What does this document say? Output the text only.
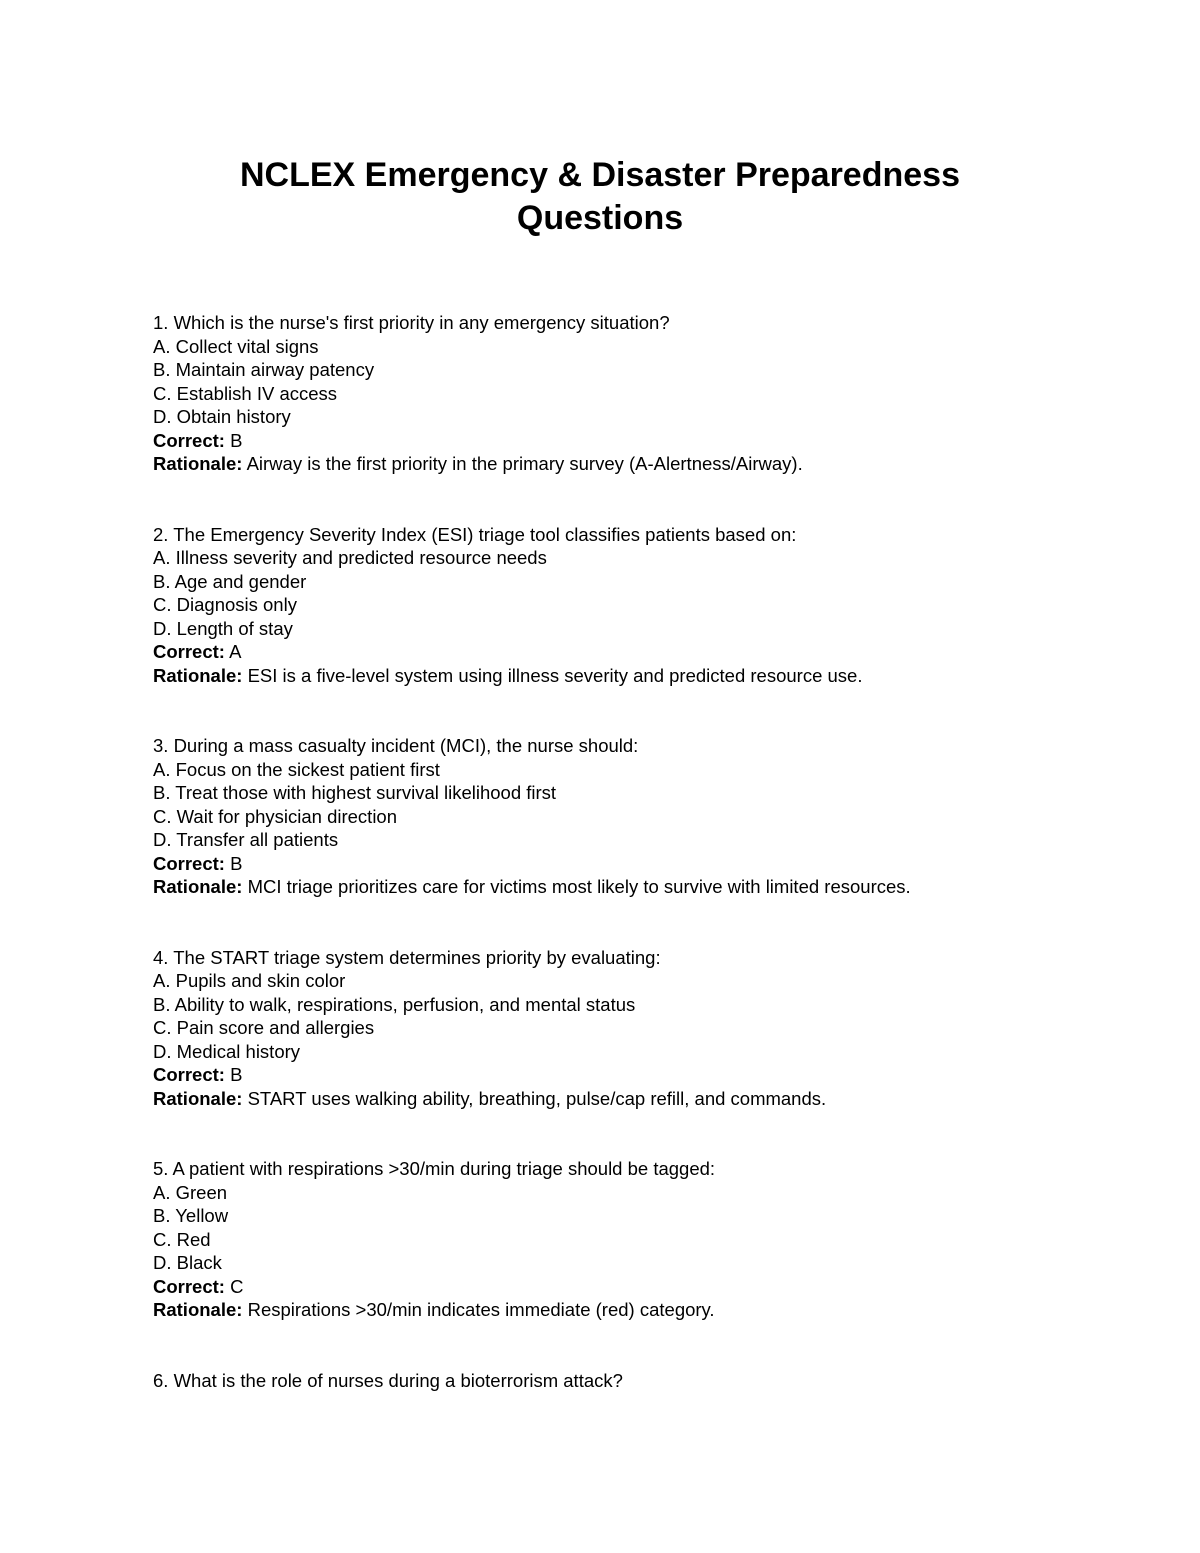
NCLEX Emergency & Disaster Preparedness
Questions
1. Which is the nurse's first priority in any emergency situation?
A. Collect vital signs
B. Maintain airway patency
C. Establish IV access
D. Obtain history
Correct: B
Rationale: Airway is the first priority in the primary survey (A-Alertness/Airway).
2. The Emergency Severity Index (ESI) triage tool classifies patients based on:
A. Illness severity and predicted resource needs
B. Age and gender
C. Diagnosis only
D. Length of stay
Correct: A
Rationale: ESI is a five-level system using illness severity and predicted resource use.
3. During a mass casualty incident (MCI), the nurse should:
A. Focus on the sickest patient first
B. Treat those with highest survival likelihood first
C. Wait for physician direction
D. Transfer all patients
Correct: B
Rationale: MCI triage prioritizes care for victims most likely to survive with limited resources.
4. The START triage system determines priority by evaluating:
A. Pupils and skin color
B. Ability to walk, respirations, perfusion, and mental status
C. Pain score and allergies
D. Medical history
Correct: B
Rationale: START uses walking ability, breathing, pulse/cap refill, and commands.
5. A patient with respirations >30/min during triage should be tagged:
A. Green
B. Yellow
C. Red
D. Black
Correct: C
Rationale: Respirations >30/min indicates immediate (red) category.
6. What is the role of nurses during a bioterrorism attack?
